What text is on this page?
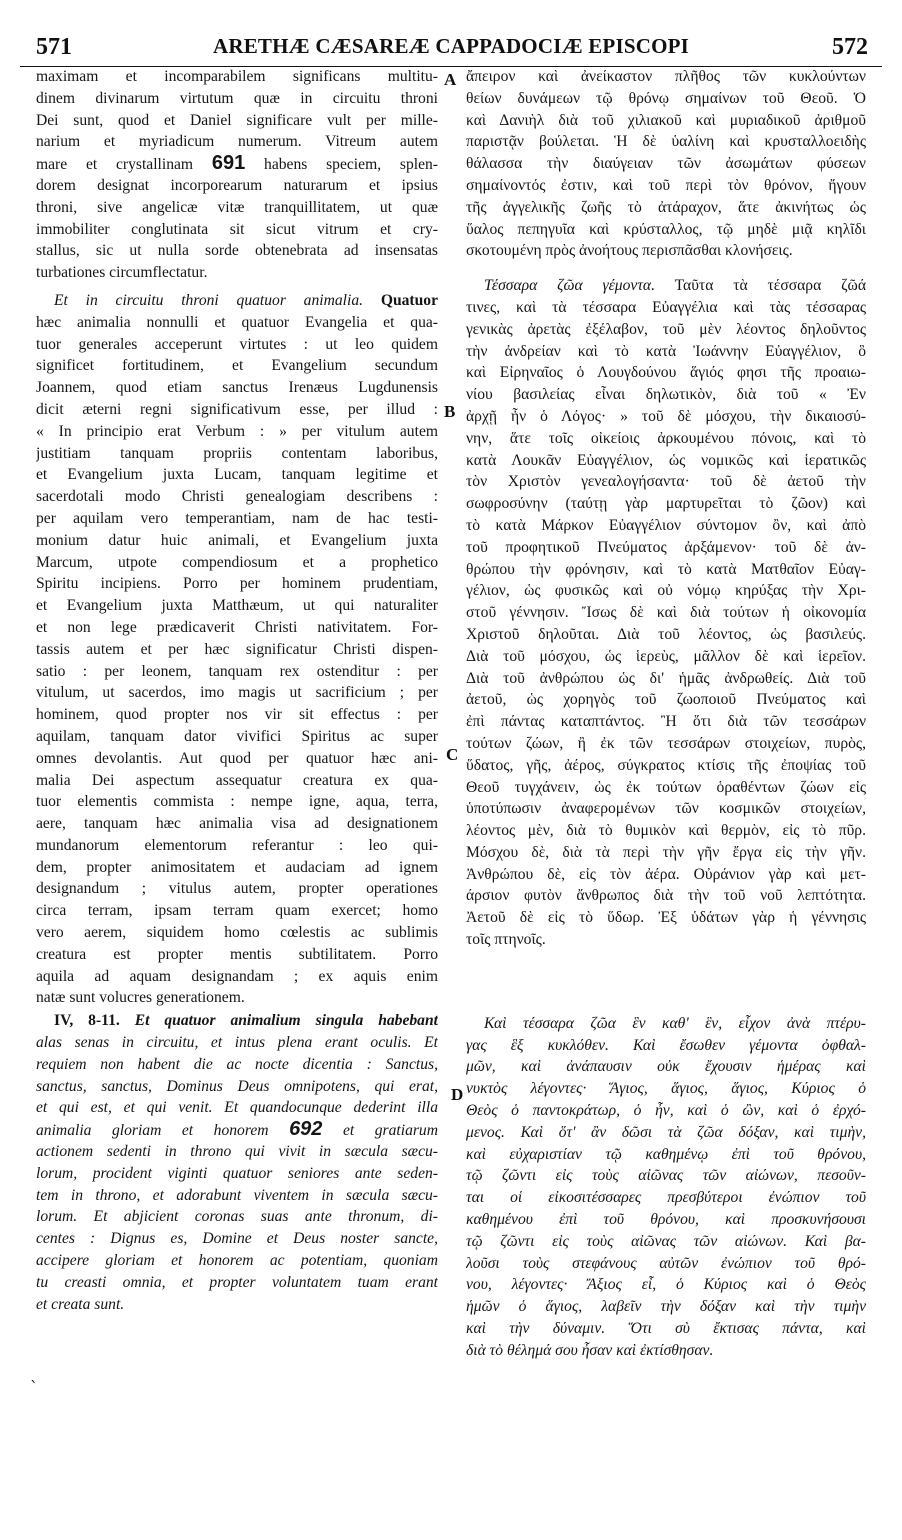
571	ARETHÆ CÆSAREÆ CAPPADOCIÆ EPISCOPI	572
A
B
C
D
maximam et incomparabilem significans multitu-
dinem divinarum virtutum quæ in circuitu throni
Dei sunt, quod et Daniel significare vult per mille-
narium et myriadicum numerum. Vitreum autem
mare et crystallinam 691 habens speciem, splen-
dorem designat incorporearum naturarum et ipsius
throni, sive angelicæ vitæ tranquillitatem, ut quæ
immobiliter conglutinata sit sicut vitrum et cry-
stallus, sic ut nulla sorde obtenebrata ad insensatas
turbationes circumflectatur.
Et in circuitu throni quatuor animalia. Quatuor
hæc animalia nonnulli et quatuor Evangelia et qua-
tuor generales acceperunt virtutes : ut leo quidem
significet fortitudinem, et Evangelium secundum
Joannem, quod etiam sanctus Irenæus Lugdunensis
dicit æterni regni significativum esse, per illud :
« In principio erat Verbum : » per vitulum autem
justitiam tanquam propriis contentam laboribus,
et Evangelium juxta Lucam, tanquam legitime et
sacerdotali modo Christi genealogiam describens :
per aquilam vero temperantiam, nam de hac testi-
monium datur huic animali, et Evangelium juxta
Marcum, utpote compendiosum et a prophetico
Spiritu incipiens. Porro per hominem prudentiam,
et Evangelium juxta Matthæum, ut qui naturaliter
et non lege prædicaverit Christi nativitatem. For-
tassis autem et per hæc significatur Christi dispen-
satio : per leonem, tanquam rex ostenditur : per
vitulum, ut sacerdos, imo magis ut sacrificium ; per
hominem, quod propter nos vir sit effectus : per
aquilam, tanquam dator vivifici Spiritus ac super
omnes devolantis. Aut quod per quatuor hæc ani-
malia Dei aspectum assequatur creatura ex qua-
tuor elementis commista : nempe igne, aqua, terra,
aere, tanquam hæc animalia visa ad designationem
mundanorum elementorum referantur : leo qui-
dem, propter animositatem et audaciam ad ignem
designandum ; vitulus autem, propter operationes
circa terram, ipsam terram quam exercet; homo
vero aerem, siquidem homo cœlestis ac sublimis
creatura est propter mentis subtilitatem. Porro
aquila ad aquam designandam ; ex aquis enim
natæ sunt volucres generationem.
IV, 8-11. Et quatuor animalium singula habebant
alas senas in circuitu, et intus plena erant oculis. Et
requiem non habent die ac nocte dicentia : Sanctus,
sanctus, sanctus, Dominus Deus omnipotens, qui erat,
et qui est, et qui venit. Et quandocunque dederint illa
animalia gloriam et honorem 692 et gratiarum
actionem sedenti in throno qui vivit in sæcula sæcu-
lorum, procident viginti quatuor seniores ante seden-
tem in throno, et adorabunt viventem in sæcula sæcu-
lorum. Et abjicient coronas suas ante thronum, di-
centes : Dignus es, Domine et Deus noster sancte,
accipere gloriam et honorem ac potentiam, quoniam
tu creasti omnia, et propter voluntatem tuam erant
et creata sunt.
ἄπειρον καὶ ἀνείκαστον πλῆθος τῶν κυκλούντων
θείων δυνάμεων τῷ θρόνῳ σημαίνων τοῦ Θεοῦ. Ὁ
καὶ Δανιὴλ διὰ τοῦ χιλιακοῦ καὶ μυριαδικοῦ ἀριθμοῦ
παριστᾷν βούλεται. Ἡ δὲ ὑαλίνη καὶ κρυσταλλοειδὴς
θάλασσα τὴν διαύγειαν τῶν ἀσωμάτων φύσεων
σημαίνοντός ἐστιν, καὶ τοῦ περὶ τὸν θρόνον, ἤγουν
τῆς ἀγγελικῆς ζωῆς τὸ ἀτάραχον, ἅτε ἀκινήτως ὡς
ὕαλος πεπηγυῖα καὶ κρύσταλλος, τῷ μηδὲ μιᾷ κηλῖδι
σκοτουμένη πρὸς ἀνοήτους περισπᾶσθαι κλονήσεις.
Τέσσαρα ζῶα γέμοντα. Ταῦτα τὰ τέσσαρα ζῶά
τινες, καὶ τὰ τέσσαρα Εὐαγγέλια καὶ τὰς τέσσαρας
γενικὰς ἀρετὰς ἐξέλαβον, τοῦ μὲν λέοντος δηλοῦντος
τὴν ἀνδρείαν καὶ τὸ κατὰ Ἰωάννην Εὐαγγέλιον, ὃ
καὶ Εἰρηναῖος ὁ Λουγδούνου ἅγιός φησι τῆς προαιω-
νίου βασιλείας εἶναι δηλωτικὸν, διὰ τοῦ « Ἐν
ἀρχῇ ἦν ὁ Λόγος· » τοῦ δὲ μόσχου, τὴν δικαιοσύ-
νην, ἅτε τοῖς οἰκείοις ἀρκουμένου πόνοις, καὶ τὸ
κατὰ Λουκᾶν Εὐαγγέλιον, ὡς νομικῶς καὶ ἱερατικῶς
τὸν Χριστὸν γενεαλογήσαντα· τοῦ δὲ ἀετοῦ τὴν
σωφροσύνην (ταύτῃ γὰρ μαρτυρεῖται τὸ ζῶον) καὶ
τὸ κατὰ Μάρκον Εὐαγγέλιον σύντομον ὂν, καὶ ἀπὸ
τοῦ προφητικοῦ Πνεύματος ἀρξάμενον· τοῦ δὲ ἀν-
θρώπου τὴν φρόνησιν, καὶ τὸ κατὰ Ματθαῖον Εὐαγ-
γέλιον, ὡς φυσικῶς καὶ οὐ νόμῳ κηρύξας τὴν Χρι-
στοῦ γέννησιν. Ἴσως δὲ καὶ διὰ τούτων ἡ οἰκονομία
Χριστοῦ δηλοῦται. Διὰ τοῦ λέοντος, ὡς βασιλεύς.
Διὰ τοῦ μόσχου, ὡς ἱερεὺς, μᾶλλον δὲ καὶ ἱερεῖον.
Διὰ τοῦ ἀνθρώπου ὡς δι' ἡμᾶς ἀνδρωθείς. Διὰ τοῦ
ἀετοῦ, ὡς χορηγὸς τοῦ ζωοποιοῦ Πνεύματος καὶ
ἐπὶ πάντας καταπτάντος. Ἢ ὅτι διὰ τῶν τεσσάρων
τούτων ζώων, ἢ ἐκ τῶν τεσσάρων στοιχείων, πυρὸς,
ὕδατος, γῆς, ἀέρος, σύγκρατος κτίσις τῆς ἐποψίας τοῦ
Θεοῦ τυγχάνειν, ὡς ἐκ τούτων ὁραθέντων ζώων εἰς
ὑποτύπωσιν ἀναφερομένων τῶν κοσμικῶν στοιχείων,
λέοντος μὲν, διὰ τὸ θυμικὸν καὶ θερμὸν, εἰς τὸ πῦρ.
Μόσχου δὲ, διὰ τὰ περὶ τὴν γῆν ἔργα εἰς τὴν γῆν.
Ἀνθρώπου δὲ, εἰς τὸν ἀέρα. Οὐράνιον γὰρ καὶ μετ-
άρσιον φυτὸν ἄνθρωπος διὰ τὴν τοῦ νοῦ λεπτότητα.
Ἀετοῦ δὲ εἰς τὸ ὕδωρ. Ἐξ ὑδάτων γὰρ ἡ γέννησις
τοῖς πτηνοῖς.
Καὶ τέσσαρα ζῶα ἓν καθ' ἓν, εἶχον ἀνὰ πτέρυ-
γας ἓξ κυκλόθεν. Καὶ ἔσωθεν γέμοντα ὀφθαλ-
μῶν, καὶ ἀνάπαυσιν οὐκ ἔχουσιν ἡμέρας καὶ
νυκτὸς λέγοντες· Ἅγιος, ἅγιος, ἅγιος, Κύριος ὁ
Θεὸς ὁ παντοκράτωρ, ὁ ἦν, καὶ ὁ ὢν, καὶ ὁ ἐρχό-
μενος. Καὶ ὅτ' ἂν δῶσι τὰ ζῶα δόξαν, καὶ τιμὴν,
καὶ εὐχαριστίαν τῷ καθημένῳ ἐπὶ τοῦ θρόνου,
τῷ ζῶντι εἰς τοὺς αἰῶνας τῶν αἰώνων, πεσοῦν-
ται οἱ εἰκοσιτέσσαρες πρεσβύτεροι ἐνώπιον τοῦ
καθημένου ἐπὶ τοῦ θρόνου, καὶ προσκυνήσουσι
τῷ ζῶντι εἰς τοὺς αἰῶνας τῶν αἰώνων. Καὶ βα-
λοῦσι τοὺς στεφάνους αὐτῶν ἐνώπιον τοῦ θρό-
νου, λέγοντες· Ἄξιος εἶ, ὁ Κύριος καὶ ὁ Θεὸς
ἡμῶν ὁ ἅγιος, λαβεῖν τὴν δόξαν καὶ τὴν τιμὴν
καὶ τὴν δύναμιν. Ὅτι σὺ ἔκτισας πάντα, καὶ
διὰ τὸ θέλημά σου ἦσαν καὶ ἐκτίσθησαν.
`
